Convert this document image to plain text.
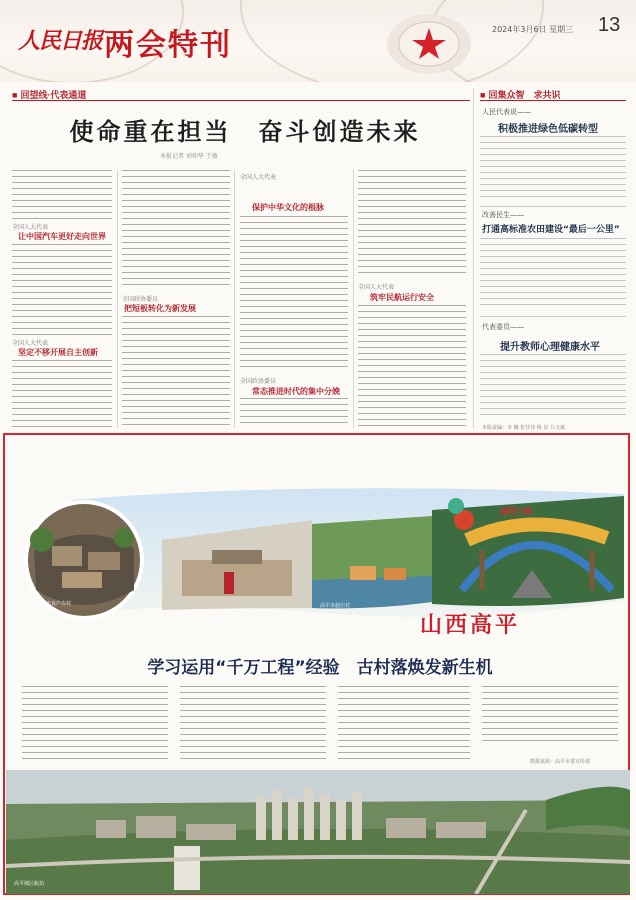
人民日报 两会特刊	2024年3月6日 星期三 13
■ 回望线·代表通道
使命重在担当　奋斗创造未来
本报记者 刘仲华 王敏
全国人大代表
让中国汽车更好走向世界
全国人大代表
坚定不移开展自主创新
全国政协委员
把短板转化为新发展
全国人大代表
保护中华文化的根脉
全国政协委员
常态推进时代的集中分娩
全国人大代表
筑牢民航运行安全
■ 回集众智　求共识
人民代表说——
积极推进绿色低碳转型
改善民生——
打通高标准农田建设“最后一公里”
代表委员——
提升教师心理健康水平
本版责编：李 娜 张佳伟 杨 泉 吕文斌
康营小镇
高平市良户古村
高平市黄土高原村落
高平市赵庄村
山西高平
学习运用“千万工程”经验　古村落焕发新生机
数据来源：高平市委宣传部
高平城区航拍
